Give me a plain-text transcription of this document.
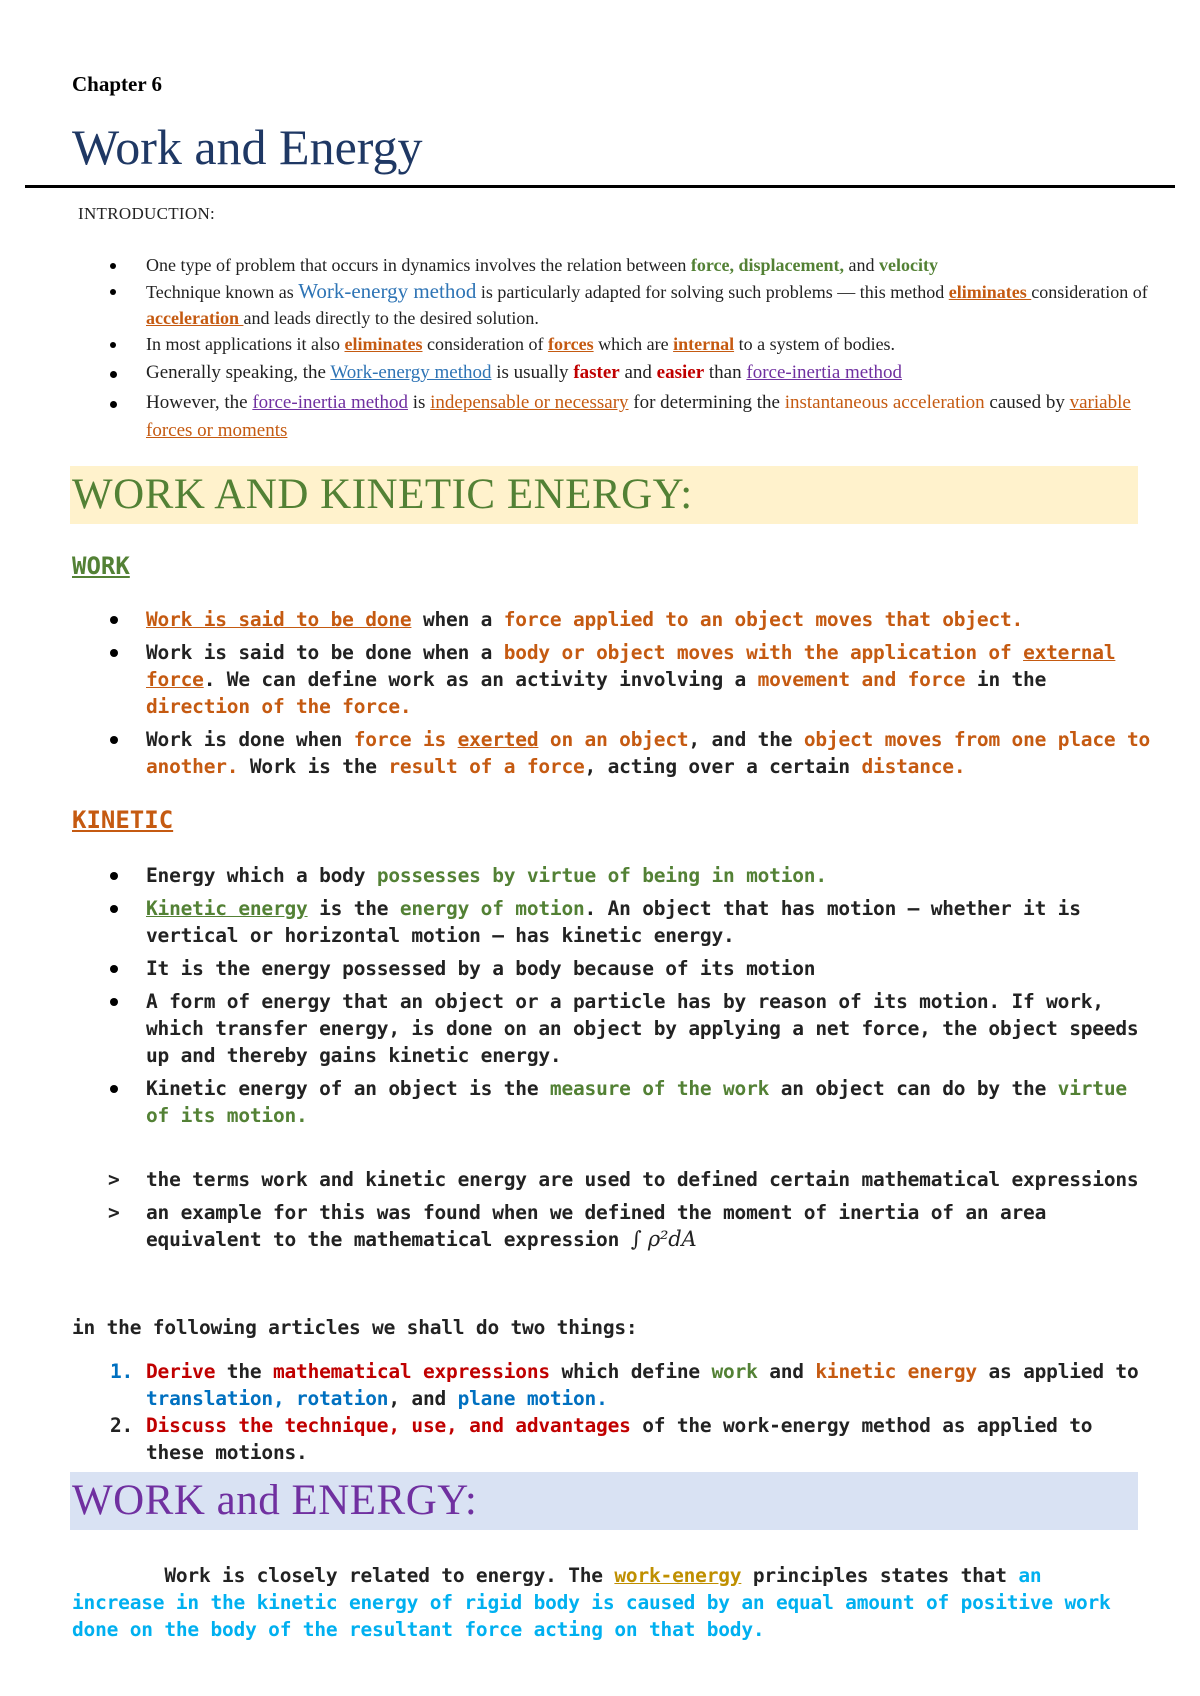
Chapter 6
Work and Energy
INTRODUCTION:
One type of problem that occurs in dynamics involves the relation between force, displacement, and velocity
Technique known as Work-energy method is particularly adapted for solving such problems — this method eliminates consideration of acceleration and leads directly to the desired solution.
In most applications it also eliminates consideration of forces which are internal to a system of bodies.
Generally speaking, the Work-energy method is usually faster and easier than force-inertia method
However, the force-inertia method is indepensable or necessary for determining the instantaneous acceleration caused by variable forces or moments
WORK AND KINETIC ENERGY:
WORK
Work is said to be done when a force applied to an object moves that object.
Work is said to be done when a body or object moves with the application of external force. We can define work as an activity involving a movement and force in the direction of the force.
Work is done when force is exerted on an object, and the object moves from one place to another. Work is the result of a force, acting over a certain distance.
KINETIC
Energy which a body possesses by virtue of being in motion.
Kinetic energy is the energy of motion. An object that has motion – whether it is vertical or horizontal motion – has kinetic energy.
It is the energy possessed by a body because of its motion
A form of energy that an object or a particle has by reason of its motion. If work, which transfer energy, is done on an object by applying a net force, the object speeds up and thereby gains kinetic energy.
Kinetic energy of an object is the measure of the work an object can do by the virtue of its motion.
> the terms work and kinetic energy are used to defined certain mathematical expressions
> an example for this was found when we defined the moment of inertia of an area equivalent to the mathematical expression ∫ ρ²dA
in the following articles we shall do two things:
1. Derive the mathematical expressions which define work and kinetic energy as applied to translation, rotation, and plane motion.
2. Discuss the technique, use, and advantages of the work-energy method as applied to these motions.
WORK and ENERGY:
Work is closely related to energy. The work-energy principles states that an increase in the kinetic energy of rigid body is caused by an equal amount of positive work done on the body of the resultant force acting on that body.
